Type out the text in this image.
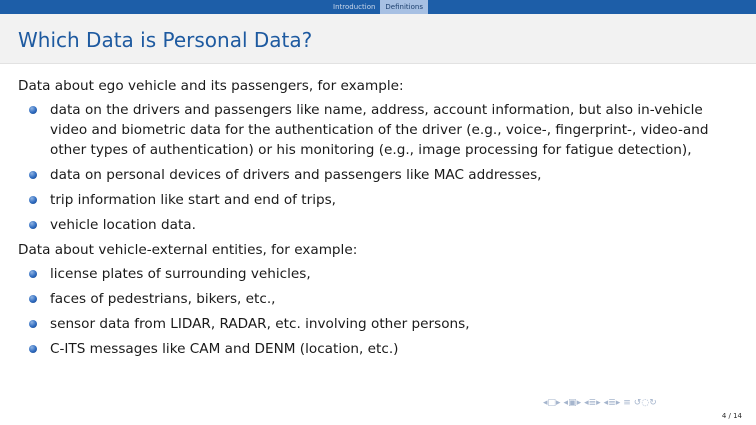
Introduction	Definitions
Which Data is Personal Data?

Data about ego vehicle and its passengers, for example:

data on the drivers and passengers like name, address, account information, but also in-vehicle video and biometric data for the authentication of the driver (e.g., voice-, fingerprint-, video-and other types of authentication) or his monitoring (e.g., image processing for fatigue detection),
data on personal devices of drivers and passengers like MAC addresses,
trip information like start and end of trips,
vehicle location data.

Data about vehicle-external entities, for example:

license plates of surrounding vehicles,
faces of pedestrians, bikers, etc.,
sensor data from LIDAR, RADAR, etc. involving other persons,
C-ITS messages like CAM and DENM (location, etc.)
◂□▸ ◂▣▸ ◂≣▸ ◂≣▸ ≡ ↺◌↻
4 / 14
